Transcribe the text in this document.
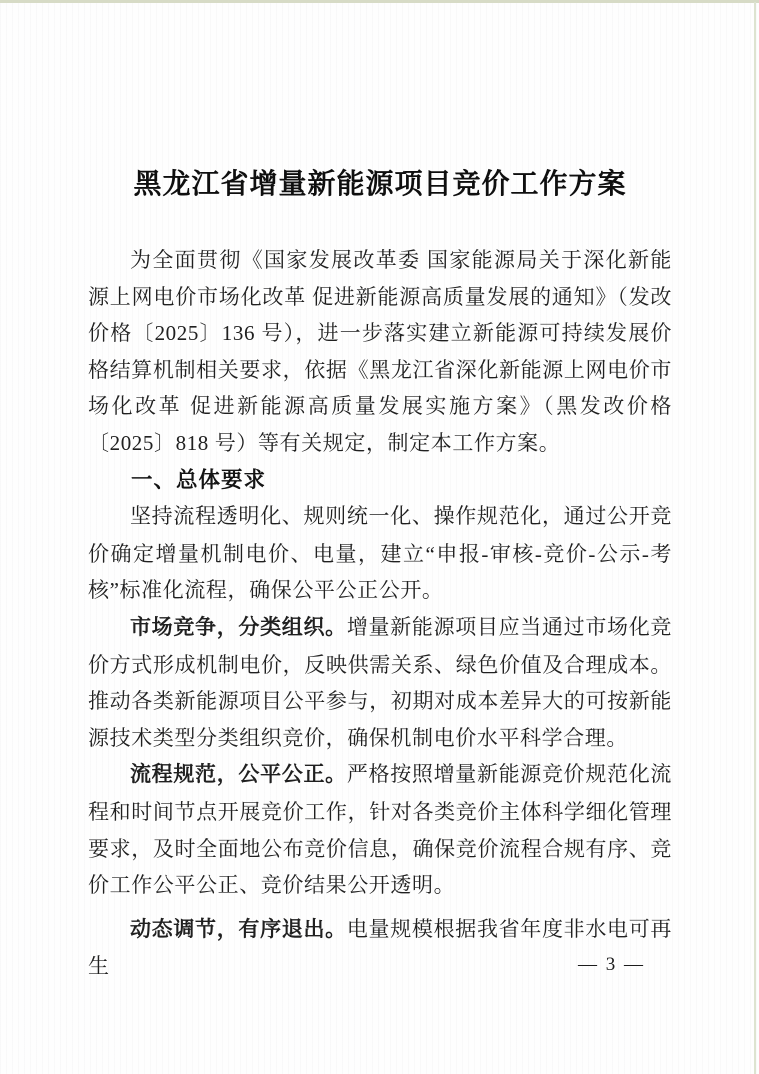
黑龙江省增量新能源项目竞价工作方案

为全面贯彻《国家发展改革委 国家能源局关于深化新能源上网电价市场化改革 促进新能源高质量发展的通知》（发改价格〔2025〕136 号），进一步落实建立新能源可持续发展价格结算机制相关要求，依据《黑龙江省深化新能源上网电价市场化改革 促进新能源高质量发展实施方案》（黑发改价格〔2025〕818 号）等有关规定，制定本工作方案。

一、总体要求

坚持流程透明化、规则统一化、操作规范化，通过公开竞价确定增量机制电价、电量，建立“申报-审核-竞价-公示-考核”标准化流程，确保公平公正公开。

市场竞争，分类组织。增量新能源项目应当通过市场化竞价方式形成机制电价，反映供需关系、绿色价值及合理成本。推动各类新能源项目公平参与，初期对成本差异大的可按新能源技术类型分类组织竞价，确保机制电价水平科学合理。

流程规范，公平公正。严格按照增量新能源竞价规范化流程和时间节点开展竞价工作，针对各类竞价主体科学细化管理要求，及时全面地公布竞价信息，确保竞价流程合规有序、竞价工作公平公正、竞价结果公开透明。

动态调节，有序退出。电量规模根据我省年度非水电可再生	— 3 —
